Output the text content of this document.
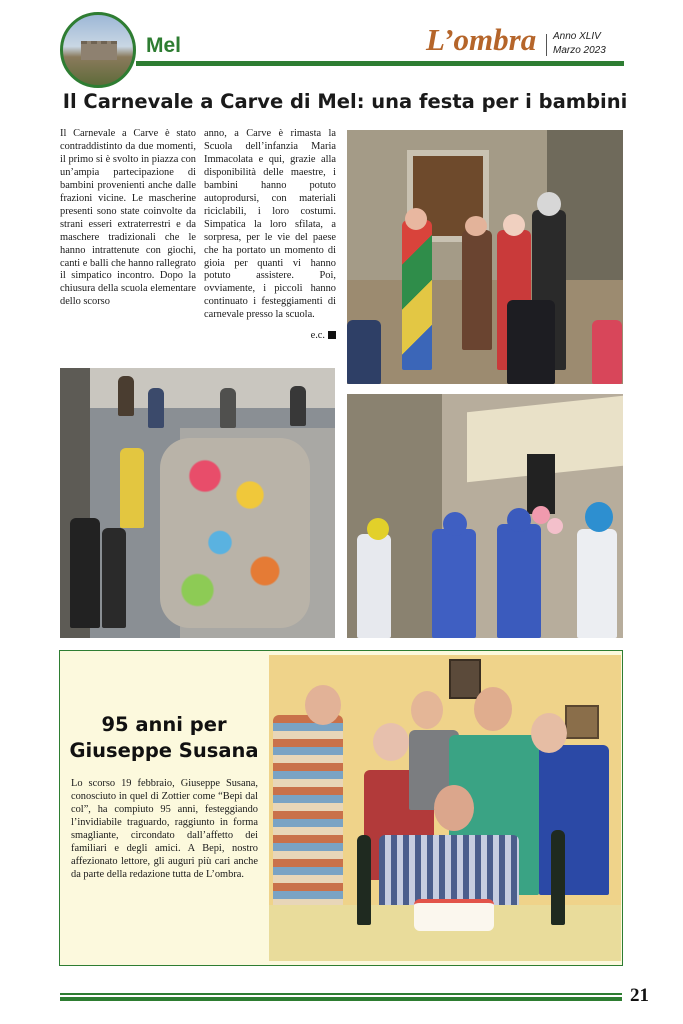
Mel	L’ombra Anno XLIV
Marzo 2023
Il Carnevale a Carve di Mel: una festa per i bambini
Il Carnevale a Carve è stato contraddistinto da due momenti, il primo si è svolto in piazza con un’ampia partecipazione di bambini provenienti anche dalle frazioni vicine. Le mascherine presenti sono state coinvolte da strani esseri extraterrestri e da maschere tradizionali che le hanno intrattenute con giochi, canti e balli che hanno rallegrato il simpatico incontro. Dopo la chiusura della scuola elementare dello scorso
anno, a Carve è rimasta la Scuola dell’infanzia Maria Immacolata e qui, grazie alla disponibilità delle maestre, i bambini hanno potuto autoprodursi, con materiali riciclabili, i loro costumi. Simpatica la loro sfilata, a sorpresa, per le vie del paese che ha portato un momento di gioia per quanti vi hanno potuto assistere. Poi, ovviamente, i piccoli hanno continuato i festeggiamenti di carnevale presso la scuola.
e.c.
95 anni per
Giuseppe Susana
Lo scorso 19 febbraio, Giuseppe Susana, conosciuto in quel di Zottier come “Bepi dal col”, ha compiuto 95 anni, festeggiando l’invidiabile traguardo, raggiunto in forma smagliante, circondato dall’affetto dei familiari e degli amici. A Bepi, nostro affezionato lettore, gli auguri più cari anche da parte della redazione tutta de L’ombra.
21
